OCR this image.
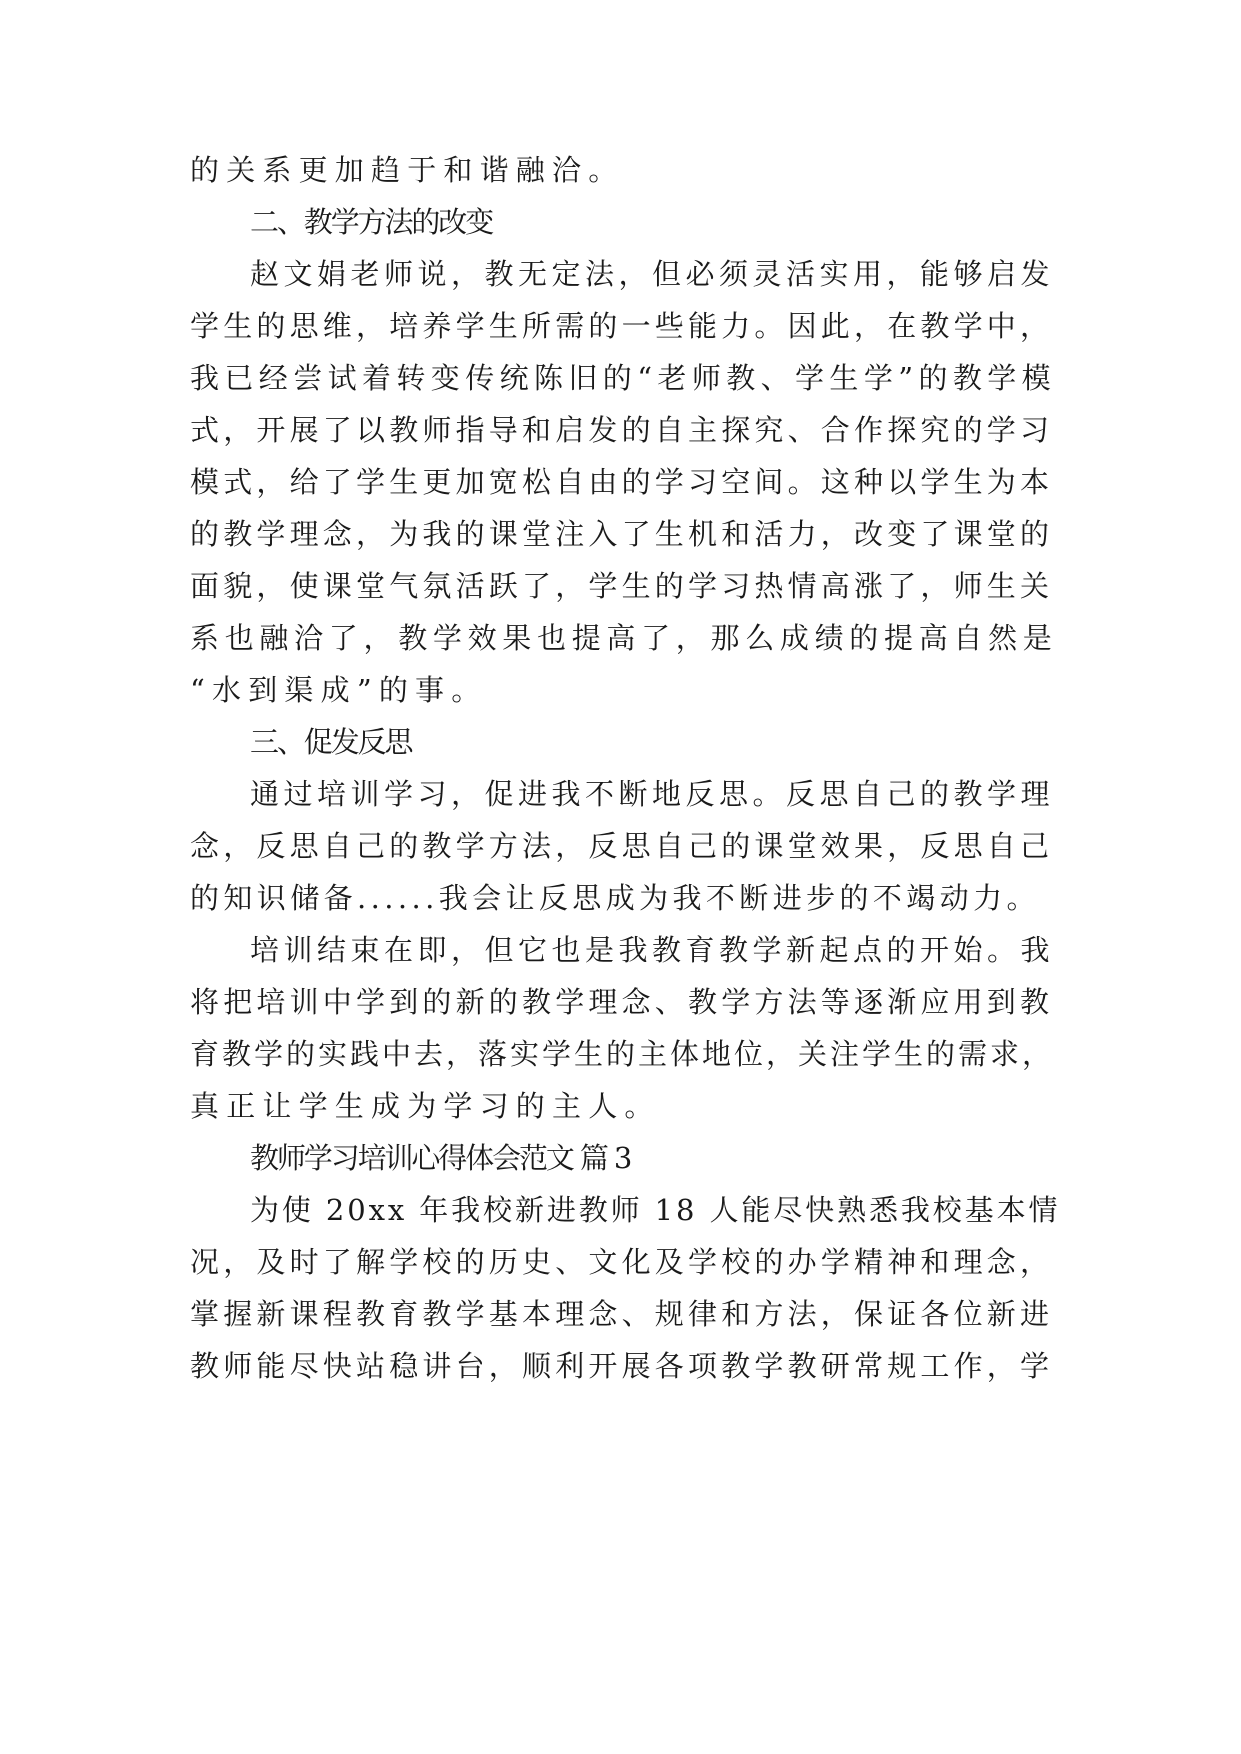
的关系更加趋于和谐融洽。
二、教学方法的改变
赵文娟老师说，教无定法，但必须灵活实用，能够启发
学生的思维，培养学生所需的一些能力。因此，在教学中，
我已经尝试着转变传统陈旧的“老师教、学生学”的教学模
式，开展了以教师指导和启发的自主探究、合作探究的学习
模式，给了学生更加宽松自由的学习空间。这种以学生为本
的教学理念，为我的课堂注入了生机和活力，改变了课堂的
面貌，使课堂气氛活跃了，学生的学习热情高涨了，师生关
系也融洽了，教学效果也提高了，那么成绩的提高自然是
“水到渠成”的事。
三、促发反思
通过培训学习，促进我不断地反思。反思自己的教学理
念，反思自己的教学方法，反思自己的课堂效果，反思自己
的知识储备......我会让反思成为我不断进步的不竭动力。
培训结束在即，但它也是我教育教学新起点的开始。我
将把培训中学到的新的教学理念、教学方法等逐渐应用到教
育教学的实践中去，落实学生的主体地位，关注学生的需求，
真正让学生成为学习的主人。
教师学习培训心得体会范文 篇 3
为使 20xx 年我校新进教师 18 人能尽快熟悉我校基本情
况，及时了解学校的历史、文化及学校的办学精神和理念，
掌握新课程教育教学基本理念、规律和方法，保证各位新进
教师能尽快站稳讲台，顺利开展各项教学教研常规工作，学
